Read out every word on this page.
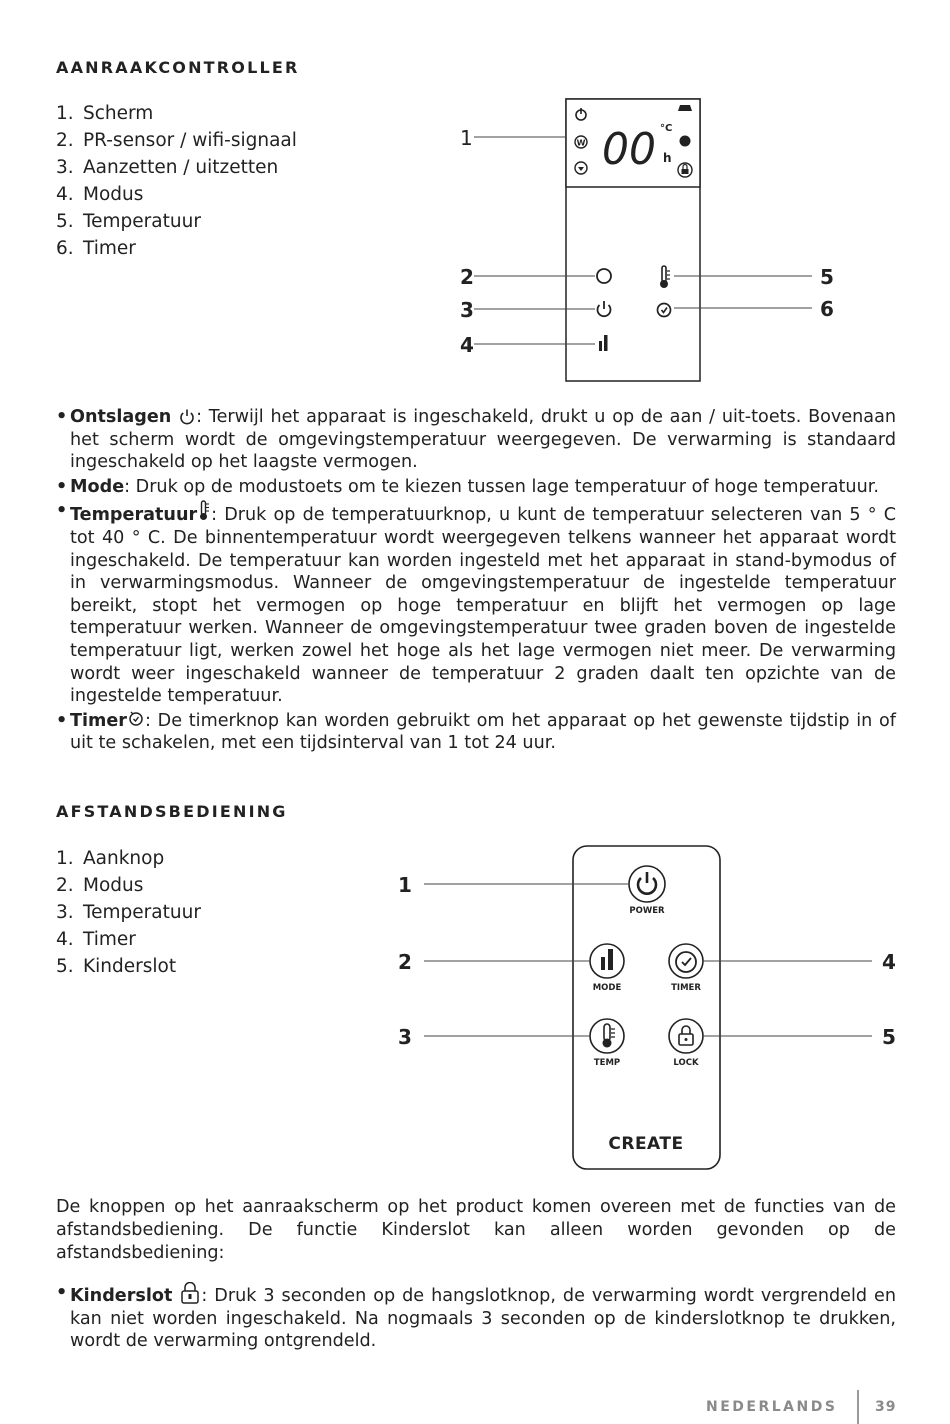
AANRAAKCONTROLLER
1. Scherm
2. PR-sensor / wifi-signaal
3. Aanzetten / uitzetten
4. Modus
5. Temperatuur
6. Timer
W 00 °C
h
1
2
3
4
5
6
• Ontslagen : Terwijl het apparaat is ingeschakeld, drukt u op de aan / uit-toets. Bovenaan het scherm wordt de omgevingstemperatuur weergegeven. De verwarming is standaard ingeschakeld op het laagste vermogen.
• Mode: Druk op de modustoets om te kiezen tussen lage temperatuur of hoge temperatuur.
• Temperatuur : Druk op de temperatuurknop, u kunt de temperatuur selecteren van 5 ° C tot 40 ° C. De binnentemperatuur wordt weergegeven telkens wanneer het apparaat wordt ingeschakeld. De temperatuur kan worden ingesteld met het apparaat in stand-bymodus of in verwarmingsmodus. Wanneer de omgevingstemperatuur de ingestelde temperatuur bereikt, stopt het vermogen op hoge temperatuur en blijft het vermogen op lage temperatuur werken. Wanneer de omgevingstemperatuur twee graden boven de ingestelde temperatuur ligt, werken zowel het hoge als het lage vermogen niet meer. De verwarming wordt weer ingeschakeld wanneer de temperatuur 2 graden daalt ten opzichte van de ingestelde temperatuur.
• Timer : De timerknop kan worden gebruikt om het apparaat op het gewenste tijdstip in of uit te schakelen, met een tijdsinterval van 1 tot 24 uur.
AFSTANDSBEDIENING
1. Aanknop
2. Modus
3. Temperatuur
4. Timer
5. Kinderslot
POWER
MODE	TIMER
TEMP	LOCK
CREATE
1
2
3
4
5

De knoppen op het aanraakscherm op het product komen overeen met de functies van de afstandsbediening. De functie Kinderslot kan alleen worden gevonden op de afstandsbediening:

• Kinderslot : Druk 3 seconden op de hangslotknop, de verwarming wordt vergrendeld en kan niet worden ingeschakeld. Na nogmaals 3 seconden op de kinderslotknop te drukken, wordt de verwarming ontgrendeld.
NEDERLANDS	39
